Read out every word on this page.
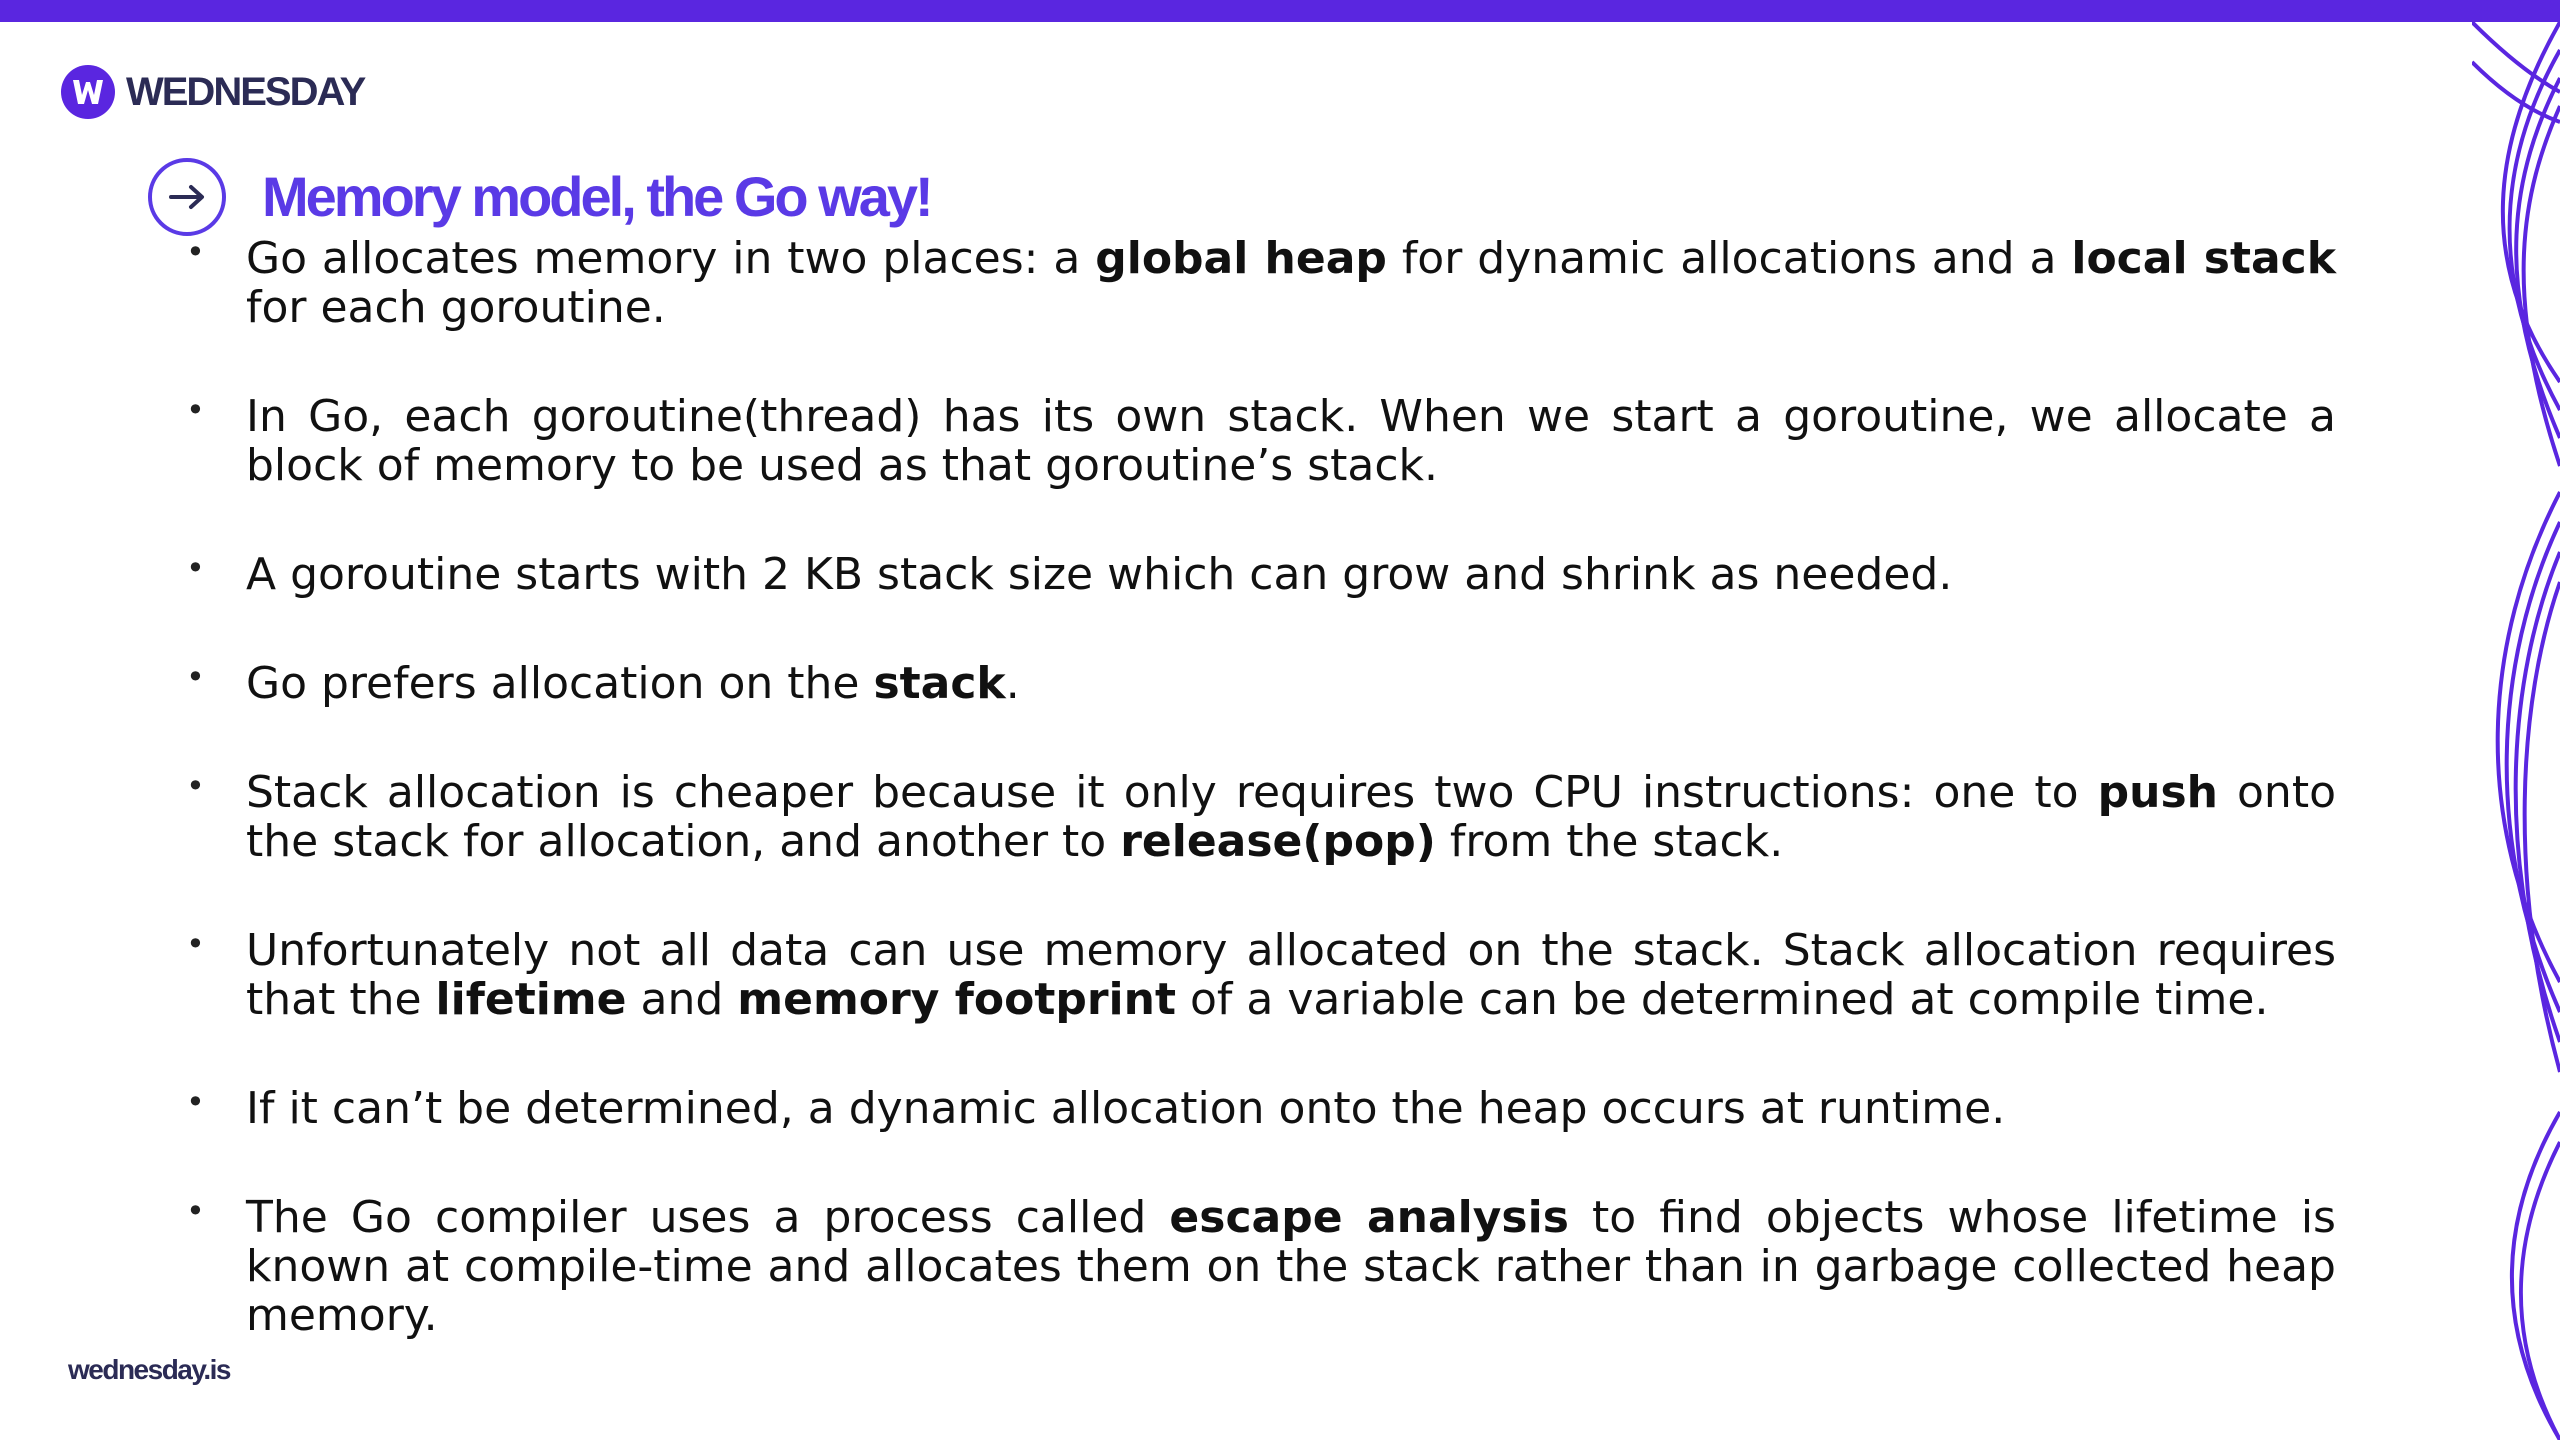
WEDNESDAY
Memory model, the Go way!
• Go allocates memory in two places: a global heap for dynamic allocations and a local stack for each goroutine.
• In Go, each goroutine(thread) has its own stack. When we start a goroutine, we allocate a block of memory to be used as that goroutine’s stack.
• A goroutine starts with 2 KB stack size which can grow and shrink as needed.
• Go prefers allocation on the stack.
• Stack allocation is cheaper because it only requires two CPU instructions: one to push onto the stack for allocation, and another to release(pop) from the stack.
• Unfortunately not all data can use memory allocated on the stack. Stack allocation requires that the lifetime and memory footprint of a variable can be determined at compile time.
• If it can’t be determined, a dynamic allocation onto the heap occurs at runtime.
• The Go compiler uses a process called escape analysis to find objects whose lifetime is known at compile-time and allocates them on the stack rather than in garbage collected heap memory.
wednesday.is
